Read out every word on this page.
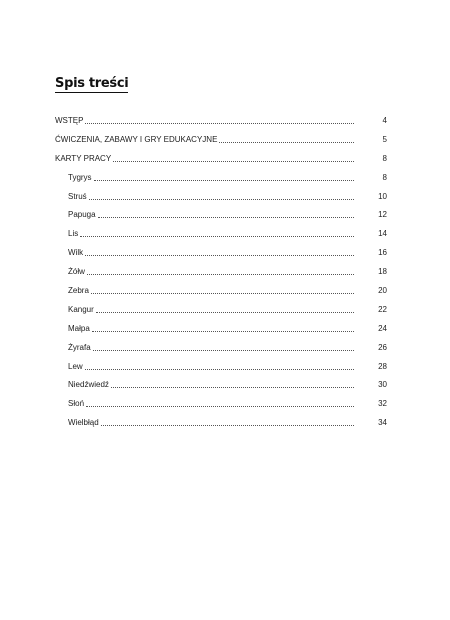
Spis treści
WSTĘP	4
ĆWICZENIA, ZABAWY I GRY EDUKACYJNE	5
KARTY PRACY	8
Tygrys	8
Struś	10
Papuga	12
Lis	14
Wilk	16
Żółw	18
Zebra	20
Kangur	22
Małpa	24
Żyrafa	26
Lew	28
Niedźwiedź	30
Słoń	32
Wielbłąd	34
